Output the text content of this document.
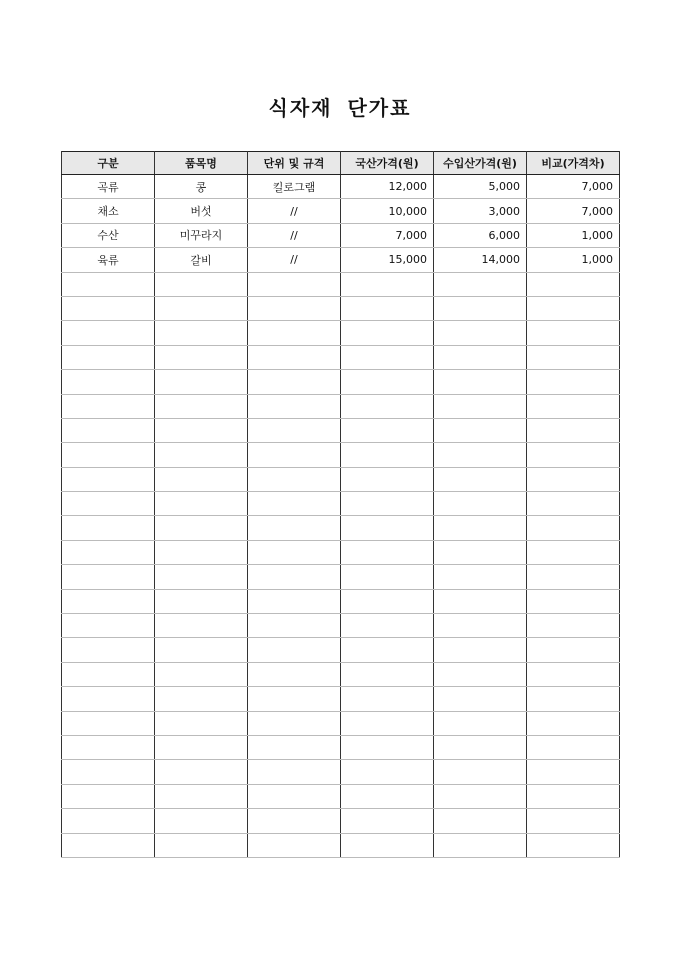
식자재 단가표
구분	품목명	단위 및 규격	국산가격(원)	수입산가격(원)	비교(가격차)
곡류	콩	킬로그램	12,000	5,000	7,000
채소	버섯	//	10,000	3,000	7,000
수산	미꾸라지	//	7,000	6,000	1,000
육류	갈비	//	15,000	14,000	1,000
